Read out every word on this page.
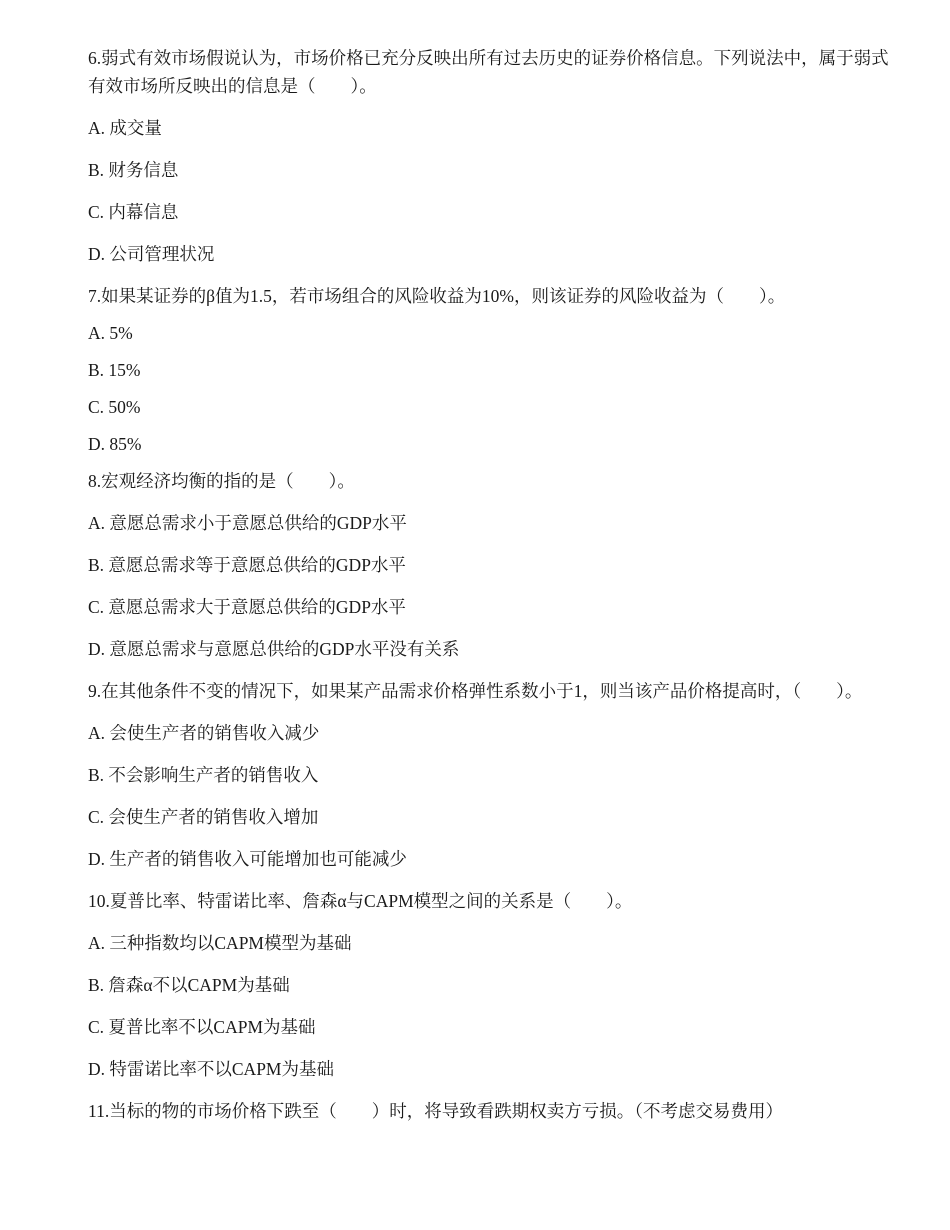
6.弱式有效市场假说认为，市场价格已充分反映出所有过去历史的证券价格信息。下列说法中，属于弱式有效市场所反映出的信息是（　　）。

A. 成交量

B. 财务信息

C. 内幕信息

D. 公司管理状况

7.如果某证券的β值为1.5，若市场组合的风险收益为10%，则该证券的风险收益为（　　）。

A. 5%

B. 15%

C. 50%

D. 85%

8.宏观经济均衡的指的是（　　）。

A. 意愿总需求小于意愿总供给的GDP水平

B. 意愿总需求等于意愿总供给的GDP水平

C. 意愿总需求大于意愿总供给的GDP水平

D. 意愿总需求与意愿总供给的GDP水平没有关系

9.在其他条件不变的情况下，如果某产品需求价格弹性系数小于1，则当该产品价格提高时，（　　）。

A. 会使生产者的销售收入减少

B. 不会影响生产者的销售收入

C. 会使生产者的销售收入增加

D. 生产者的销售收入可能增加也可能减少

10.夏普比率、特雷诺比率、詹森α与CAPM模型之间的关系是（　　）。

A. 三种指数均以CAPM模型为基础

B. 詹森α不以CAPM为基础

C. 夏普比率不以CAPM为基础

D. 特雷诺比率不以CAPM为基础

11.当标的物的市场价格下跌至（　　）时，将导致看跌期权卖方亏损。（不考虑交易费用）
